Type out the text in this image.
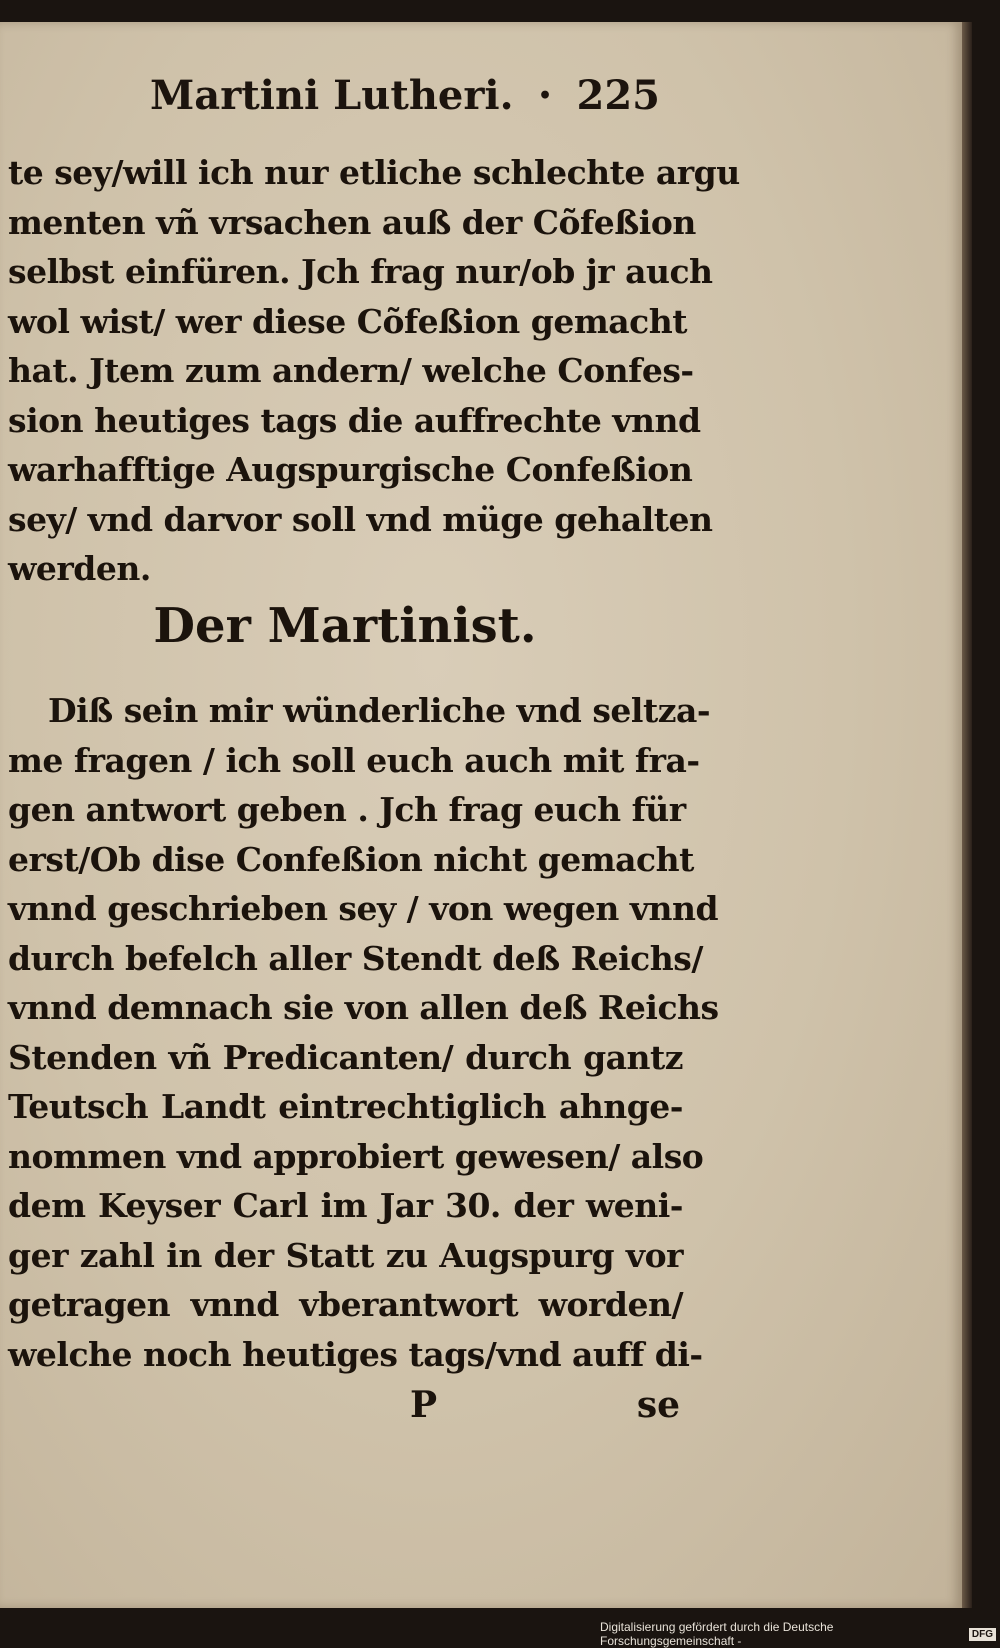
Martini Lutheri. • 225
te sey/will ich nur etliche schlechte argu
menten vñ vrsachen auß der Cõfeßion
selbst einfüren. Jch frag nur/ob jr auch
wol wist/ wer diese Cõfeßion gemacht
hat. Jtem zum andern/ welche Confes-
sion heutiges tags die auffrechte vnnd
warhafftige Augspurgische Confeßion
sey/ vnd darvor soll vnd müge gehalten
werden.
Der Martinist.
Diß sein mir wünderliche vnd seltza-
me fragen / ich soll euch auch mit fra-
gen antwort geben . Jch frag euch für
erst/Ob dise Confeßion nicht gemacht
vnnd geschrieben sey / von wegen vnnd
durch befelch aller Stendt deß Reichs/
vnnd demnach sie von allen deß Reichs
Stenden vñ Predicanten/ durch gantz
Teutsch Landt eintrechtiglich ahnge-
nommen vnd approbiert gewesen/ also
dem Keyser Carl im Jar 30. der weni-
ger zahl in der Statt zu Augspurg vor
getragen vnnd vberantwort worden/
welche noch heutiges tags/vnd auff di-
P	se
Digitalisierung gefördert durch die Deutsche Forschungsgemeinschaft -	DFG
